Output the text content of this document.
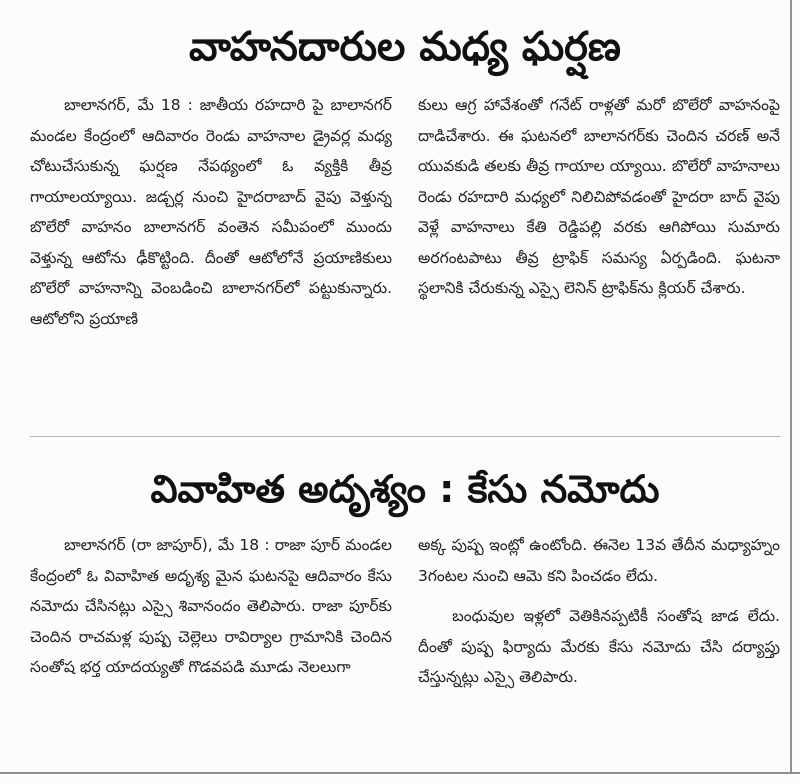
వాహనదారుల మధ్య ఘర్షణ

బాలానగర్, మే 18 : జాతీయ రహదారి పై బాలానగర్ మండల కేంద్రంలో ఆదివారం రెండు వాహనాల డ్రైవర్ల మధ్య చోటుచేసుకున్న ఘర్షణ నేపథ్యంలో ఓ వ్యక్తికి తీవ్ర గాయాలయ్యాయి. జడ్చర్ల నుంచి హైదరాబాద్ వైపు వెళ్తున్న బొలేరో వాహనం బాలానగర్ వంతెన సమీపంలో ముందు వెళ్తున్న ఆటోను ఢీకొట్టింది. దీంతో ఆటోలోనే ప్రయాణికులు బొలేరో వాహనాన్ని వెంబడించి బాలానగర్‌లో పట్టుకున్నారు. ఆటోలోని ప్రయాణి

కులు ఆగ్ర హావేశంతో గనేట్ రాళ్లతో మరో బొలేరో వాహనంపై దాడిచేశారు. ఈ ఘటనలో బాలానగర్‌కు చెందిన చరణ్ అనే యువకుడి తలకు తీవ్ర గాయాల య్యాయి. బొలేరో వాహనాలు రెండు రహదారి మధ్యలో నిలిచిపోవడంతో హైదరా బాద్ వైపు వెళ్లే వాహనాలు కేతి రెడ్డిపల్లి వరకు ఆగిపోయి సుమారు అరగంటపాటు తీవ్ర ట్రాఫిక్ సమస్య ఏర్పడింది. ఘటనా స్థలానికి చేరుకున్న ఎస్సై లెనిన్ ట్రాఫిక్‌ను క్లియర్ చేశారు.

వివాహిత అదృశ్యం : కేసు నమోదు

బాలానగర్ (రా జాపూర్), మే 18 : రాజా పూర్ మండల కేంద్రంలో ఓ వివాహిత అదృశ్య మైన ఘటనపై ఆదివారం కేసు నమోదు చేసినట్లు ఎస్సై శివానందం తెలిపారు. రాజా పూర్‌కు చెందిన రాచమళ్ల పుష్ప చెల్లెలు రావిర్యాల గ్రామానికి చెందిన సంతోష భర్త యాదయ్యతో గొడవపడి మూడు నెలలుగా

అక్క పుష్ప ఇంట్లో ఉంటోంది. ఈనెల 13వ తేదీన మధ్యాహ్నం 3గంటల నుంచి ఆమె కని పించడం లేదు.

బంధువుల ఇళ్లలో వెతికినప్పటికీ సంతోష జాడ లేదు. దీంతో పుష్ప ఫిర్యాదు మేరకు కేసు నమోదు చేసి దర్యాప్తు చేస్తున్నట్లు ఎస్సై తెలిపారు.
